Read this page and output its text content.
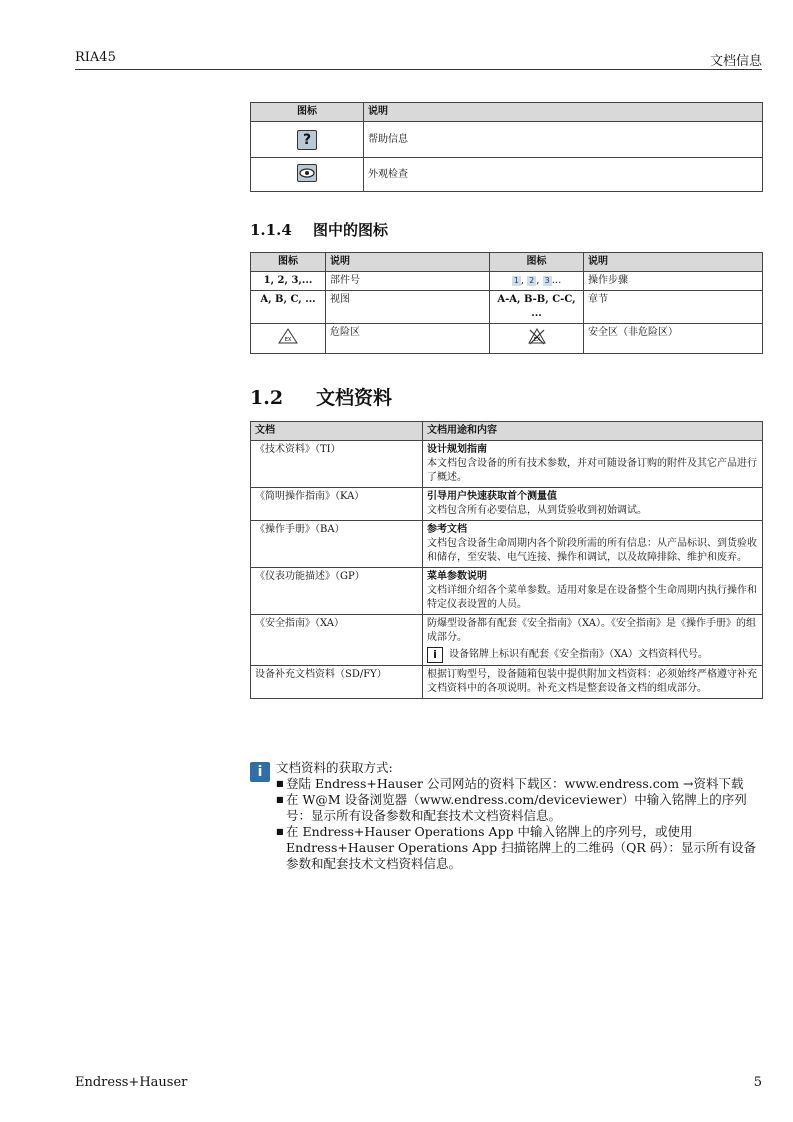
RIA45	文档信息
图标	说明
?	帮助信息
	外观检查
1.1.4 图中的图标
图标	说明	图标	说明
1, 2, 3,...	部件号	1 , 2 , 3 ...	操作步骤
A, B, C, ...	视图	A-A, B-B, C-C, ...	章节

EX	危险区	EX	安全区（非危险区）
1.2 文档资料
文档	文档用途和内容
《技术资料》（TI）	设计规划指南
本文档包含设备的所有技术参数，并对可随设备订购的附件及其它产品进行了概述。

《简明操作指南》（KA）	引导用户快速获取首个测量值
文档包含所有必要信息，从到货验收到初始调试。

《操作手册》（BA）	参考文档
文档包含设备生命周期内各个阶段所需的所有信息：从产品标识、到货验收和储存，至安装、电气连接、操作和调试，以及故障排除、维护和废弃。

《仪表功能描述》（GP）	菜单参数说明
文档详细介绍各个菜单参数。适用对象是在设备整个生命周期内执行操作和特定仪表设置的人员。

《安全指南》（XA）	防爆型设备都有配套《安全指南》（XA）。《安全指南》是《操作手册》的组成部分。
i 设备铭牌上标识有配套《安全指南》（XA）文档资料代号。

设备补充文档资料（SD/FY）	根据订购型号，设备随箱包装中提供附加文档资料：必须始终严格遵守补充文档资料中的各项说明。补充文档是整套设备文档的组成部分。
i	文档资料的获取方式:
■ 登陆 Endress+Hauser 公司网站的资料下载区：www.endress.com →资料下载
■ 在 W@M 设备浏览器（www.endress.com/deviceviewer）中输入铭牌上的序列号：显示所有设备参数和配套技术文档资料信息。
■ 在 Endress+Hauser Operations App 中输入铭牌上的序列号，或使用 Endress+Hauser Operations App 扫描铭牌上的二维码（QR 码）：显示所有设备参数和配套技术文档资料信息。
Endress+Hauser	5
